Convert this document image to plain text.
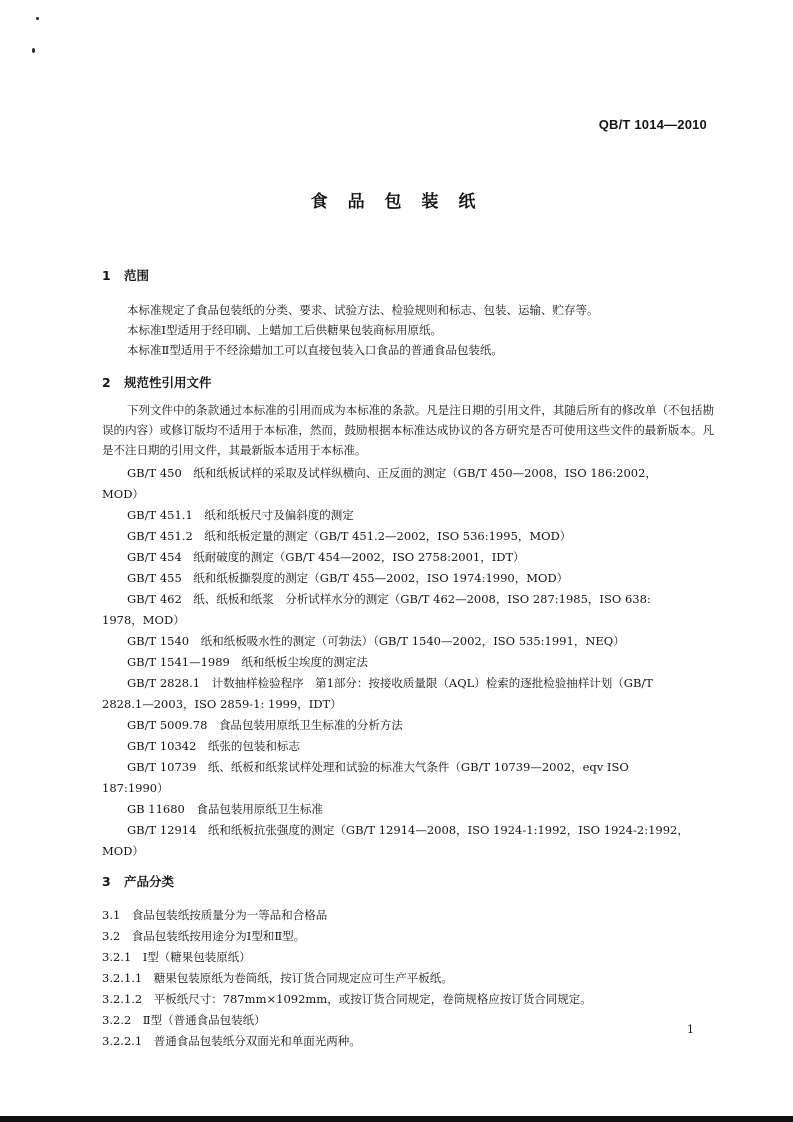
QB/T 1014—2010
食 品 包 装 纸
1 范围
本标准规定了食品包装纸的分类、要求、试验方法、检验规则和标志、包装、运输、贮存等。
本标准Ⅰ型适用于经印刷、上蜡加工后供糖果包装商标用原纸。
本标准Ⅱ型适用于不经涂蜡加工可以直接包装入口食品的普通食品包装纸。
2 规范性引用文件
下列文件中的条款通过本标准的引用而成为本标准的条款。凡是注日期的引用文件，其随后所有的修改单（不包括勘误的内容）或修订版均不适用于本标准，然而，鼓励根据本标准达成协议的各方研究是否可使用这些文件的最新版本。凡是不注日期的引用文件，其最新版本适用于本标准。
GB/T 450　纸和纸板试样的采取及试样纵横向、正反面的测定（GB/T 450—2008，ISO 186:2002，
MOD）
GB/T 451.1　纸和纸板尺寸及偏斜度的测定
GB/T 451.2　纸和纸板定量的测定（GB/T 451.2—2002，ISO 536:1995，MOD）
GB/T 454　纸耐破度的测定（GB/T 454—2002，ISO 2758:2001，IDT）
GB/T 455　纸和纸板撕裂度的测定（GB/T 455—2002，ISO 1974:1990，MOD）
GB/T 462　纸、纸板和纸浆　分析试样水分的测定（GB/T 462—2008，ISO 287:1985，ISO 638:
1978，MOD）
GB/T 1540　纸和纸板吸水性的测定（可勃法）（GB/T 1540—2002，ISO 535:1991，NEQ）
GB/T 1541—1989　纸和纸板尘埃度的测定法
GB/T 2828.1　计数抽样检验程序　第1部分：按接收质量限（AQL）检索的逐批检验抽样计划（GB/T
2828.1—2003，ISO 2859-1: 1999，IDT）
GB/T 5009.78　食品包装用原纸卫生标准的分析方法
GB/T 10342　纸张的包装和标志
GB/T 10739　纸、纸板和纸浆试样处理和试验的标准大气条件（GB/T 10739—2002，eqv ISO
187:1990）
GB 11680　食品包装用原纸卫生标准
GB/T 12914　纸和纸板抗张强度的测定（GB/T 12914—2008，ISO 1924-1:1992，ISO 1924-2:1992，
MOD）
3 产品分类
3.1　食品包装纸按质量分为一等品和合格品
3.2　食品包装纸按用途分为Ⅰ型和Ⅱ型。
3.2.1　Ⅰ型（糖果包装原纸）
3.2.1.1　糖果包装原纸为卷筒纸，按订货合同规定应可生产平板纸。
3.2.1.2　平板纸尺寸：787mm×1092mm，或按订货合同规定，卷筒规格应按订货合同规定。
3.2.2　Ⅱ型（普通食品包装纸）
3.2.2.1　普通食品包装纸分双面光和单面光两种。
1
